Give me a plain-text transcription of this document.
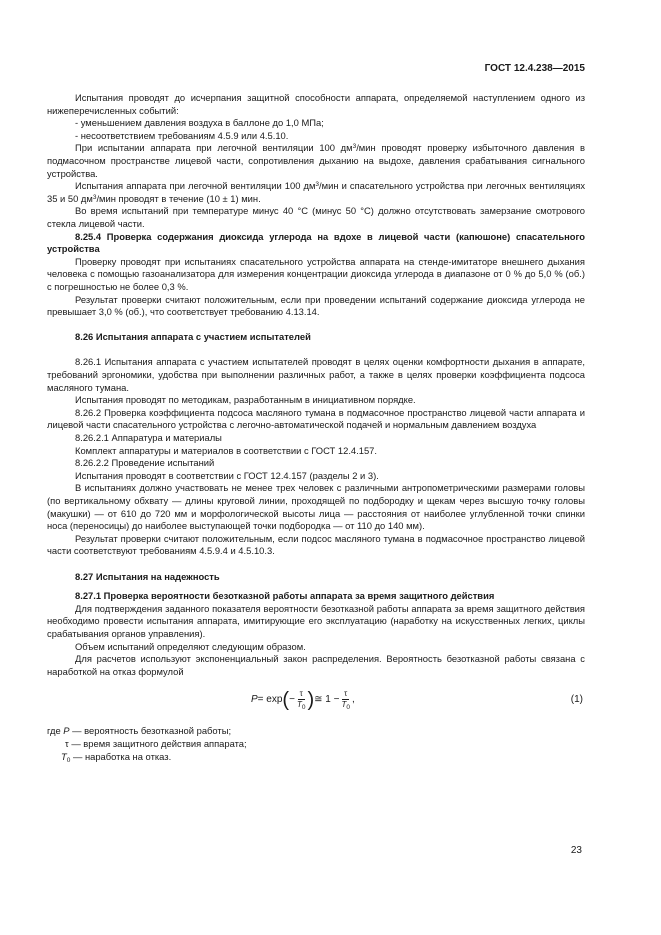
ГОСТ 12.4.238—2015

Испытания проводят до исчерпания защитной способности аппарата, определяемой наступлением одного из нижеперечисленных событий:

- уменьшением давления воздуха в баллоне до 1,0 МПа;

- несоответствием требованиям 4.5.9 или 4.5.10.

При испытании аппарата при легочной вентиляции 100 $дм^3$/мин проводят проверку избыточного давления в подмасочном пространстве лицевой части, сопротивления дыханию на выдохе, давления срабатывания сигнального устройства.

Испытания аппарата при легочной вентиляции 100 $дм^3$/мин и спасательного устройства при легочных вентиляциях 35 и 50 $дм^3$/мин проводят в течение (10 ± 1) мин.

Во время испытаний при температуре минус 40 °С (минус 50 °С) должно отсутствовать замерзание смотрового стекла лицевой части.

8.25.4 Проверка содержания диоксида углерода на вдохе в лицевой части (капюшоне) спасательного устройства

Проверку проводят при испытаниях спасательного устройства аппарата на стенде-имитаторе внешнего дыхания человека с помощью газоанализатора для измерения концентрации диоксида углерода в диапазоне от 0 % до 5,0 % (об.) с погрешностью не более 0,3 %.

Результат проверки считают положительным, если при проведении испытаний содержание диоксида углерода не превышает 3,0 % (об.), что соответствует требованию 4.13.14.

8.26 Испытания аппарата с участием испытателей

8.26.1 Испытания аппарата с участием испытателей проводят в целях оценки комфортности дыхания в аппарате, требований эргономики, удобства при выполнении различных работ, а также в целях проверки коэффициента подсоса масляного тумана.

Испытания проводят по методикам, разработанным в инициативном порядке.

8.26.2 Проверка коэффициента подсоса масляного тумана в подмасочное пространство лицевой части аппарата и лицевой части спасательного устройства с легочно-автоматической подачей и нормальным давлением воздуха

8.26.2.1 Аппаратура и материалы

Комплект аппаратуры и материалов в соответствии с ГОСТ 12.4.157.

8.26.2.2 Проведение испытаний

Испытания проводят в соответствии с ГОСТ 12.4.157 (разделы 2 и 3).

В испытаниях должно участвовать не менее трех человек с различными антропометрическими размерами головы (по вертикальному обхвату — длины круговой линии, проходящей по подбородку и щекам через высшую точку головы (макушки) — от 610 до 720 мм и морфологической высоты лица — расстояния от наиболее углубленной точки спинки носа (переносицы) до наиболее выступающей точки подбородка — от 110 до 140 мм).

Результат проверки считают положительным, если подсос масляного тумана в подмасочное пространство лицевой части соответствуют требованиям 4.5.9.4 и 4.5.10.3.

8.27 Испытания на надежность

8.27.1 Проверка вероятности безотказной работы аппарата за время защитного действия

Для подтверждения заданного показателя вероятности безотказной работы аппарата за время защитного действия необходимо провести испытания аппарата, имитирующие его эксплуатацию (наработку на искусственных легких, циклы срабатывания органов управления).

Объем испытаний определяют следующим образом.

Для расчетов используют экспоненциальный закон распределения. Вероятность безотказной работы связана с наработкой на отказ формулой

P = exp ( − $\frac{\tau}{T_0}$ ) ≅ $1 - \frac{\tau}{T_0}$ ,	(1)

где P — вероятность безотказной работы;

τ — время защитного действия аппарата;

$T_0$ — наработка на отказ.

23
